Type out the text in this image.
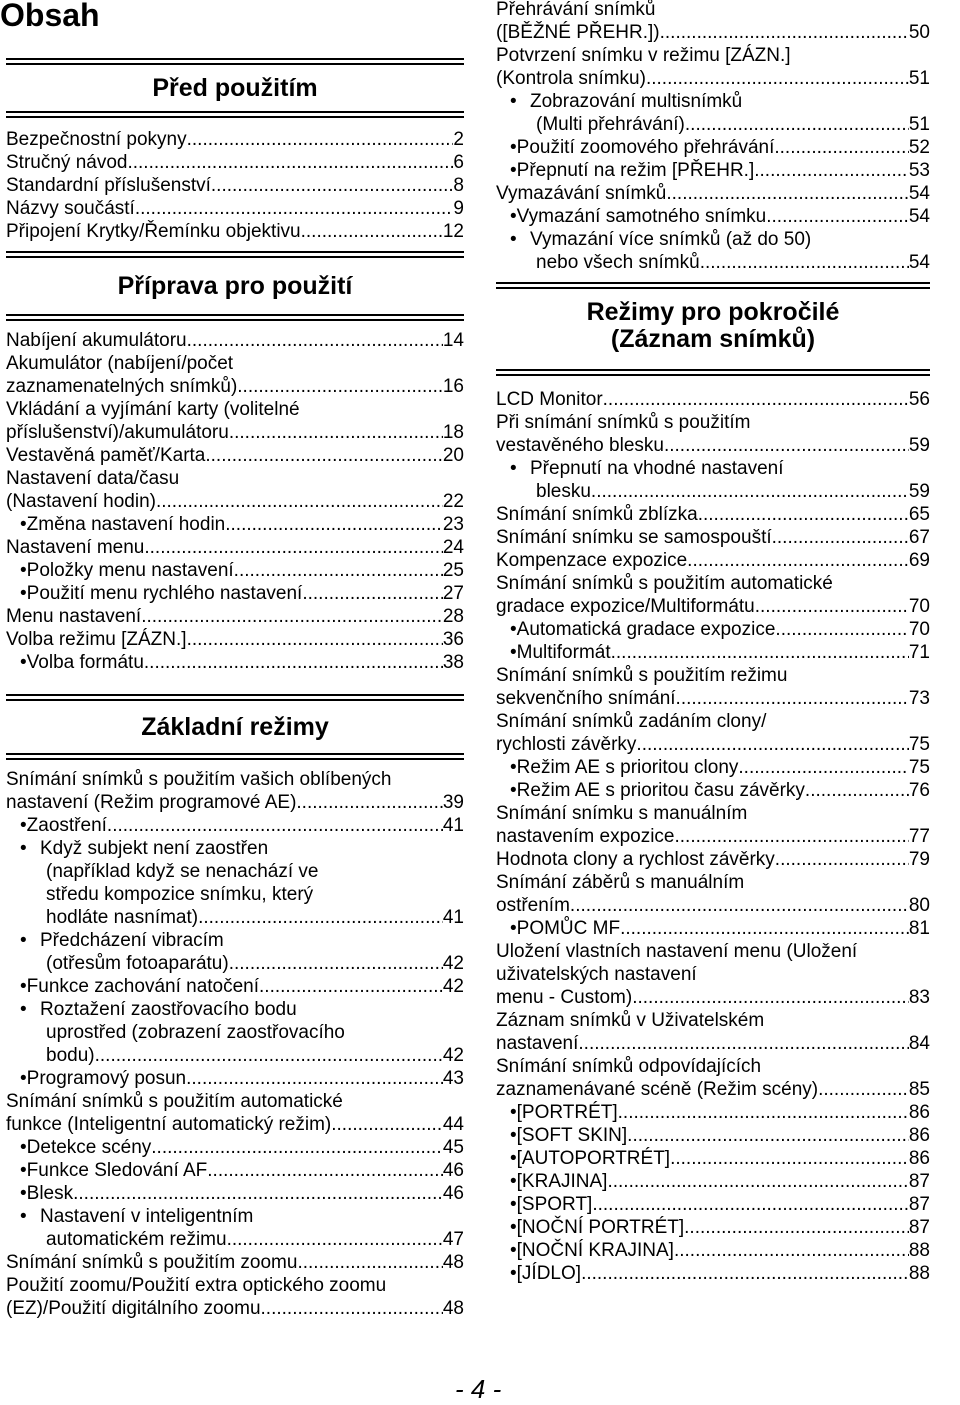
Obsah
Před použitím
Bezpečnostní pokyny .....	2
Stručný návod .....	6
Standardní příslušenství .....	8
Názvy součástí .....	9
Připojení Krytky/Řemínku objektivu .....	12
Příprava pro použití
Nabíjení akumulátoru .....	14
Akumulátor (nabíjení/počet
zaznamenatelných snímků) .....	16
Vkládání a vyjímání karty (volitelné
příslušenství)/akumulátoru .....	18
Vestavěná paměť/Karta .....	20
Nastavení data/času
(Nastavení hodin) .....	22
• Změna nastavení hodin .....	23
Nastavení menu .....	24
• Položky menu nastavení .....	25
• Použití menu rychlého nastavení .....	27
Menu nastavení .....	28
Volba režimu [ZÁZN.] .....	36
• Volba formátu .....	38
Základní režimy
Snímání snímků s použitím vašich oblíbených
nastavení (Režim programové AE) .....	39
• Zaostření .....	41
• Když subjekt není zaostřen
(například když se nenachází ve
středu kompozice snímku, který
hodláte nasnímat) .....	41
• Předcházení vibracím
(otřesům fotoaparátu) .....	42
• Funkce zachování natočení .....	42
• Roztažení zaostřovacího bodu
uprostřed (zobrazení zaostřovacího
bodu) .....	42
• Programový posun .....	43
Snímání snímků s použitím automatické
funkce (Inteligentní automatický režim) .....	44
• Detekce scény .....	45
• Funkce Sledování AF .....	46
• Blesk .....	46
• Nastavení v inteligentním
automatickém režimu .....	47
Snímání snímků s použitím zoomu .....	48
Použití zoomu/Použití extra optického zoomu
(EZ)/Použití digitálního zoomu .....	48
Přehrávání snímků
([BĚŽNÉ PŘEHR.]) .....	50
Potvrzení snímku v režimu [ZÁZN.]
(Kontrola snímku) .....	51
• Zobrazování multisnímků
(Multi přehrávání) .....	51
• Použití zoomového přehrávání .....	52
• Přepnutí na režim [PŘEHR.] .....	53
Vymazávání snímků .....	54
• Vymazání samotného snímku .....	54
• Vymazání více snímků (až do 50)
nebo všech snímků .....	54
Režimy pro pokročilé
(Záznam snímků)
LCD Monitor .....	56
Při snímání snímků s použitím
vestavěného blesku .....	59
• Přepnutí na vhodné nastavení
blesku .....	59
Snímání snímků zblízka .....	65
Snímání snímku se samospouští .....	67
Kompenzace expozice .....	69
Snímání snímků s použitím automatické
gradace expozice/Multiformátu .....	70
• Automatická gradace expozice .....	70
• Multiformát .....	71
Snímání snímků s použitím režimu
sekvenčního snímání .....	73
Snímání snímků zadáním clony/
rychlosti závěrky .....	75
• Režim AE s prioritou clony .....	75
• Režim AE s prioritou času závěrky .....	76
Snímání snímku s manuálním
nastavením expozice .....	77
Hodnota clony a rychlost závěrky .....	79
Snímání záběrů s manuálním
ostřením .....	80
• POMŮC MF .....	81
Uložení vlastních nastavení menu (Uložení
uživatelských nastavení
menu - Custom) .....	83
Záznam snímků v Uživatelském
nastavení .....	84
Snímání snímků odpovídajících
zaznamenávané scéně (Režim scény) .....	85
• [PORTRÉT] .....	86
• [SOFT SKIN] .....	86
• [AUTOPORTRÉT] .....	86
• [KRAJINA] .....	87
• [SPORT] .....	87
• [NOČNÍ PORTRÉT] .....	87
• [NOČNÍ KRAJINA] .....	88
• [JÍDLO] .....	88
- 4 -
